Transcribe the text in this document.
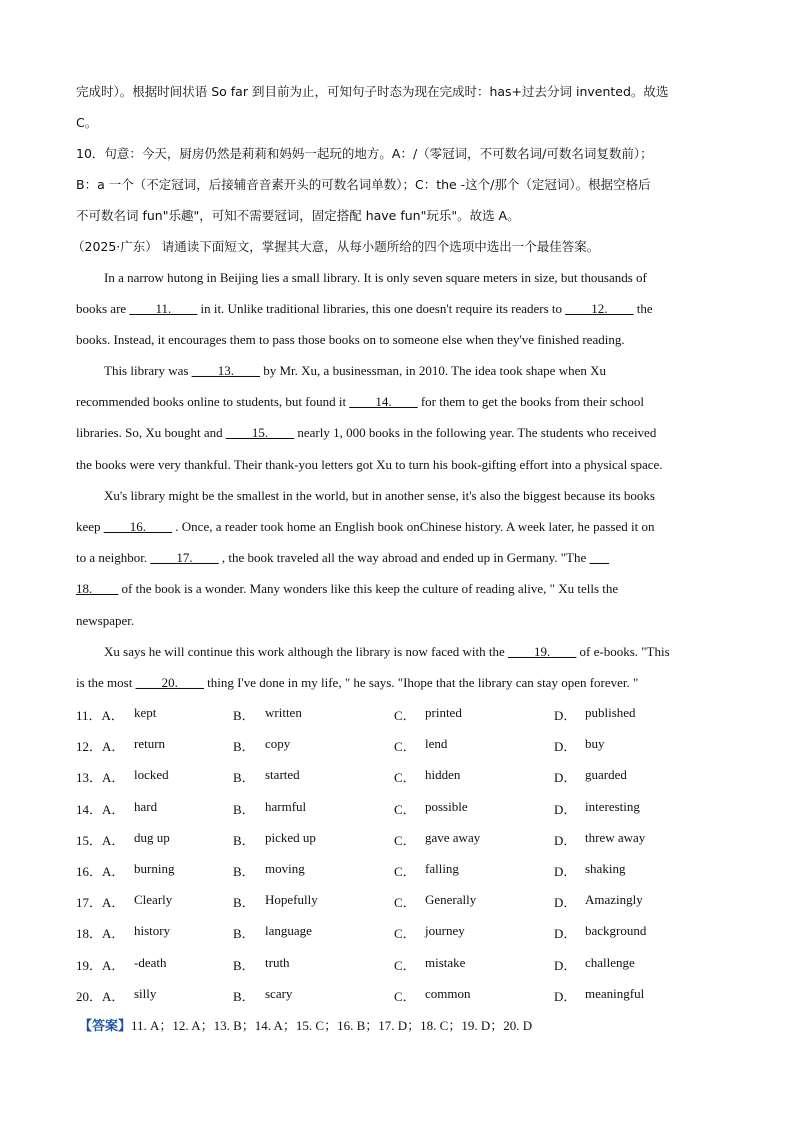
完成时）。根据时间状语 So far 到目前为止，可知句子时态为现在完成时：has+过去分词 invented。故选
C。
10．句意：今天，厨房仍然是莉莉和妈妈一起玩的地方。A：/（零冠词，不可数名词/可数名词复数前）；
B：a 一个（不定冠词，后接辅音音素开头的可数名词单数）；C：the -这个/那个（定冠词）。根据空格后
不可数名词 fun"乐趣"，可知不需要冠词，固定搭配 have fun"玩乐"。故选 A。
（2025·广东） 请通读下面短文，掌握其大意，从每小题所给的四个选项中选出一个最佳答案。
In a narrow hutong in Beijing lies a small library. It is only seven square meters in size, but thousands of
books are ____11.____ in it. Unlike traditional libraries, this one doesn't require its readers to ____12.____ the
books. Instead, it encourages them to pass those books on to someone else when they've finished reading.
This library was ____13.____ by Mr. Xu, a businessman, in 2010. The idea took shape when Xu
recommended books online to students, but found it ____14.____ for them to get the books from their school
libraries. So, Xu bought and ____15.____ nearly 1, 000 books in the following year. The students who received
the books were very thankful. Their thank-you letters got Xu to turn his book-gifting effort into a physical space.
Xu's library might be the smallest in the world, but in another sense, it's also the biggest because its books
keep ____16.____ . Once, a reader took home an English book onChinese history. A week later, he passed it on
to a neighbor. ____17.____ , the book traveled all the way abroad and ended up in Germany. "The ___
18.____ of the book is a wonder. Many wonders like this keep the culture of reading alive, " Xu tells the
newspaper.
Xu says he will continue this work although the library is now faced with the ____19.____ of e-books. "This
is the most ____20.____ thing I've done in my life, " he says. "Ihope that the library can stay open forever. "
11．A． kept	B． written	C． printed	D． published
12．A． return	B． copy	C． lend	D． buy
13．A． locked	B． started	C． hidden	D． guarded
14．A． hard	B． harmful	C． possible	D． interesting
15．A． dug up	B． picked up	C． gave away	D． threw away
16．A． burning	B． moving	C． falling	D． shaking
17．A． Clearly	B． Hopefully	C． Generally	D． Amazingly
18．A． history	B． language	C． journey	D． background
19．A． -death	B． truth	C． mistake	D． challenge
20．A． silly	B． scary	C． common	D． meaningful
【答案】11. A；12. A；13. B；14. A；15. C；16. B；17. D；18. C；19. D；20. D
